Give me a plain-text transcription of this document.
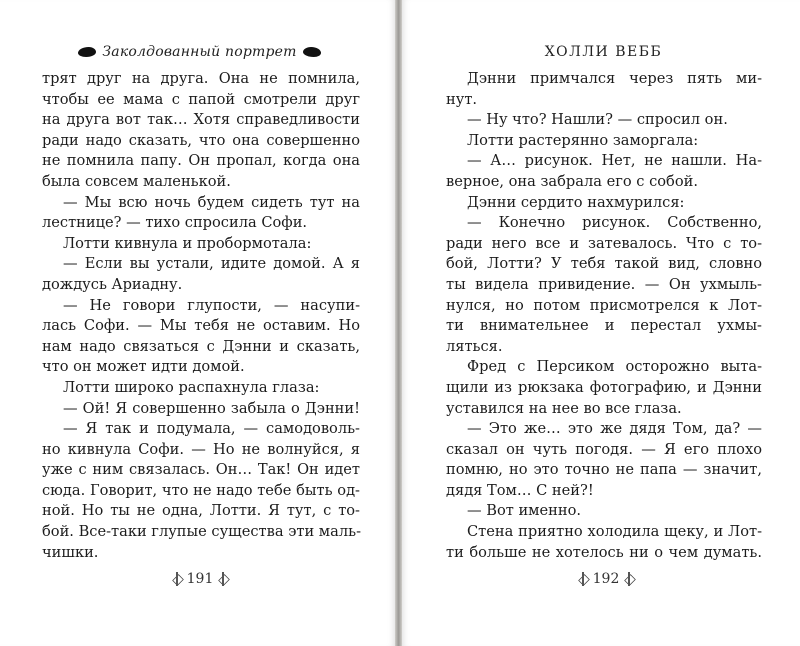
Заколдованный портрет
трят друг на друга. Она не помнила,
чтобы ее мама с папой смотрели друг
на друга вот так… Хотя справедливости
ради надо сказать, что она совершенно
не помнила папу. Он пропал, когда она
была совсем маленькой.
— Мы всю ночь будем сидеть тут на
лестнице? — тихо спросила Софи.
Лотти кивнула и пробормотала:
— Если вы устали, идите домой. А я
дождусь Ариадну.
— Не говори глупости, — насупи-
лась Софи. — Мы тебя не оставим. Но
нам надо связаться с Дэнни и сказать,
что он может идти домой.
Лотти широко распахнула глаза:
— Ой! Я совершенно забыла о Дэнни!
— Я так и подумала, — самодоволь-
но кивнула Софи. — Но не волнуйся, я
уже с ним связалась. Он… Так! Он идет
сюда. Говорит, что не надо тебе быть од-
ной. Но ты не одна, Лотти. Я тут, с то-
бой. Все-таки глупые существа эти маль-
чишки.
191
ХОЛЛИ ВЕББ
Дэнни примчался через пять ми-
нут.
— Ну что? Нашли? — спросил он.
Лотти растерянно заморгала:
— А… рисунок. Нет, не нашли. На-
верное, она забрала его с собой.
Дэнни сердито нахмурился:
— Конечно рисунок. Собственно,
ради него все и затевалось. Что с то-
бой, Лотти? У тебя такой вид, словно
ты видела привидение. — Он ухмыль-
нулся, но потом присмотрелся к Лот-
ти внимательнее и перестал ухмы-
ляться.
Фред с Персиком осторожно выта-
щили из рюкзака фотографию, и Дэнни
уставился на нее во все глаза.
— Это же… это же дядя Том, да? —
сказал он чуть погодя. — Я его плохо
помню, но это точно не папа — значит,
дядя Том… С ней?!
— Вот именно.
Стена приятно холодила щеку, и Лот-
ти больше не хотелось ни о чем думать.
192
